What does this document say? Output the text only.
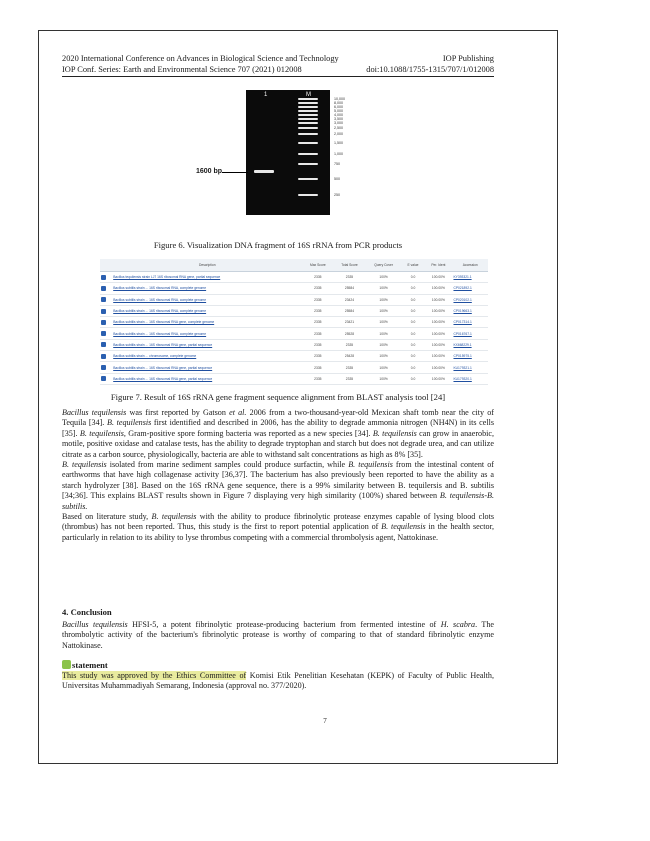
2020 International Conference on Advances in Biological Science and Technology	IOP Publishing
IOP Conf. Series: Earth and Environmental Science 707 (2021) 012008	doi:10.1088/1755-1315/707/1/012008
1	M
10,000
8,000
6,000
5,000
4,000
3,500
3,000
2,500
2,000
1,500
1,000
750
500
250
1600 bp
Figure 6. Visualization DNA fragment of 16S rRNA from PCR products
	Description	Max Score	Total Score	Query Cover	E value	Per. Ident	Accession
	Bacillus tequilensis strain LJ7 16S ribosomal RNA gene, partial sequence	2335	2335	100%	0.0	100.00%	KY393321.1
	Bacillus subtilis strain ... 16S ribosomal RNA, complete genome	2335	25584	100%	0.0	100.00%	CP021892.1
	Bacillus subtilis strain ... 16S ribosomal RNA, complete genome	2335	23424	100%	0.0	100.00%	CP020102.1
	Bacillus subtilis strain ... 16S ribosomal RNA, complete genome	2335	25584	100%	0.0	100.00%	CP019663.1
	Bacillus subtilis strain ... 16S ribosomal RNA gene, complete genome	2335	23421	100%	0.0	100.00%	CP017314.1
	Bacillus subtilis strain ... 16S ribosomal RNA, complete genome	2335	25528	100%	0.0	100.00%	CP016767.1
	Bacillus subtilis strain ... 16S ribosomal RNA gene, partial sequence	2335	2335	100%	0.0	100.00%	KX668229.1
	Bacillus subtilis strain ... chromosome, complete genome	2335	25428	100%	0.0	100.00%	CP015975.1
	Bacillus subtilis strain ... 16S ribosomal RNA gene, partial sequence	2335	2335	100%	0.0	100.00%	KU179321.1
	Bacillus subtilis strain ... 16S ribosomal RNA gene, partial sequence	2335	2335	100%	0.0	100.00%	KU179320.1
Figure 7. Result of 16S rRNA gene fragment sequence alignment from BLAST analysis tool [24]
Bacillus tequilensis was first reported by Gatson et al. 2006 from a two-thousand-year-old Mexican shaft tomb near the city of Tequila [34]. B. tequilensis first identified and described in 2006, has the ability to degrade ammonia nitrogen (NH4N) in its cells [35]. B. tequilensis, Gram-positive spore forming bacteria was reported as a new species [34]. B. tequilensis can grow in anaerobic, motile, positive oxidase and catalase tests, has the ability to degrade tryptophan and starch but does not degrade urea, and can utilize citrate as a carbon source, physiologically, bacteria are able to withstand salt concentrations as high as 8% [35].
B. tequilensis isolated from marine sediment samples could produce surfactin, while B. tequilensis from the intestinal content of earthworms that have high collagenase activity [36,37]. The bacterium has also previously been reported to have the ability as a starch hydrolyzer [38]. Based on the 16S rRNA gene sequence, there is a 99% similarity between B. tequilersis and B. subtilis [34;36]. This explains BLAST results shown in Figure 7 displaying very high similarity (100%) shared between B. tequilensis-B. subtilis.
Based on literature study, B. tequilensis with the ability to produce fibrinolytic protease enzymes capable of lysing blood clots (thrombus) has not been reported. Thus, this study is the first to report potential application of B. tequilensis in the health sector, particularly in relation to its ability to lyse thrombus competing with a commercial thrombolysis agent, Nattokinase.
4. Conclusion
Bacillus tequilensis HFSI-5, a potent fibrinolytic protease-producing bacterium from fermented intestine of H. scabra. The thrombolytic activity of the bacterium's fibrinolytic protease is worthy of comparing to that of standard fibrinolytic enzyme Nattokinase.
statement
This study was approved by the Ethics Committee of Komisi Etik Penelitian Kesehatan (KEPK) of Faculty of Public Health, Universitas Muhammadiyah Semarang, Indonesia (approval no. 377/2020).
7
